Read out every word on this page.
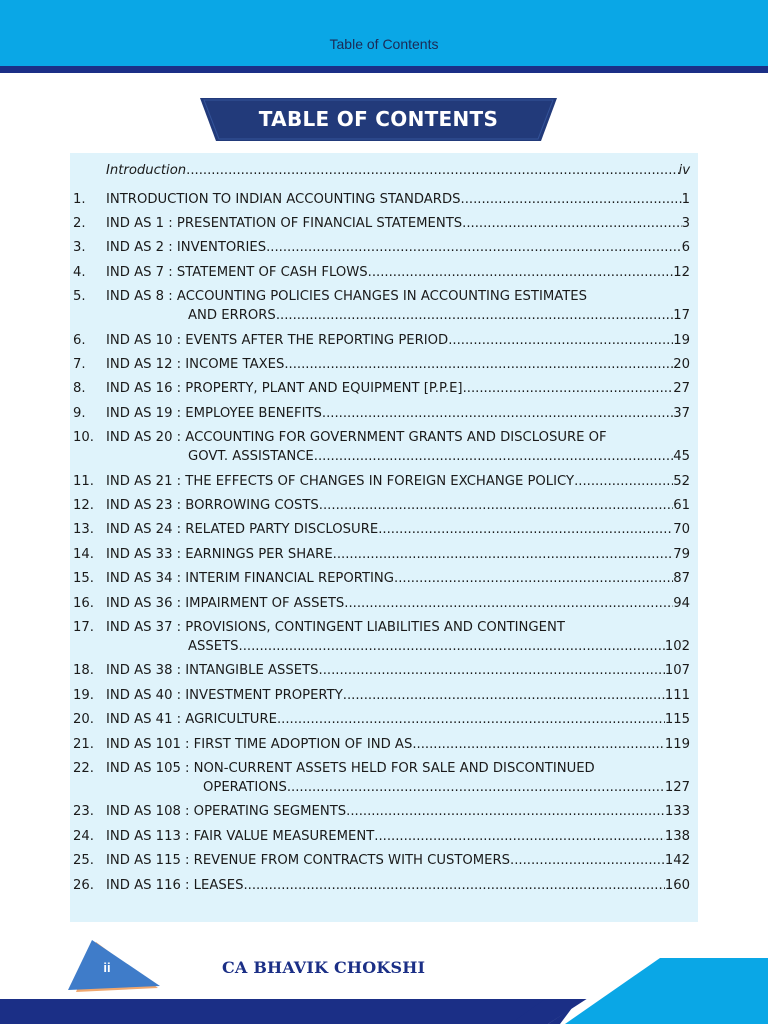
Table of Contents
TABLE OF CONTENTS
Introduction .....	iv
1. INTRODUCTION TO INDIAN ACCOUNTING STANDARDS .....	1
2. IND AS 1 : PRESENTATION OF FINANCIAL STATEMENTS .....	3
3. IND AS 2 : INVENTORIES .....	6
4. IND AS 7 : STATEMENT OF CASH FLOWS .....	12
5. IND AS 8 : ACCOUNTING POLICIES CHANGES IN ACCOUNTING ESTIMATES
AND ERRORS .....	17
6. IND AS 10 : EVENTS AFTER THE REPORTING PERIOD .....	19
7. IND AS 12 : INCOME TAXES .....	20
8. IND AS 16 : PROPERTY, PLANT AND EQUIPMENT [P.P.E] .....	27
9. IND AS 19 : EMPLOYEE BENEFITS .....	37
10. IND AS 20 : ACCOUNTING FOR GOVERNMENT GRANTS AND DISCLOSURE OF
GOVT. ASSISTANCE .....	45
11. IND AS 21 : THE EFFECTS OF CHANGES IN FOREIGN EXCHANGE POLICY .....	52
12. IND AS 23 : BORROWING COSTS .....	61
13. IND AS 24 : RELATED PARTY DISCLOSURE .....	70
14. IND AS 33 : EARNINGS PER SHARE .....	79
15. IND AS 34 : INTERIM FINANCIAL REPORTING .....	87
16. IND AS 36 : IMPAIRMENT OF ASSETS .....	94
17. IND AS 37 : PROVISIONS, CONTINGENT LIABILITIES AND CONTINGENT
ASSETS .....	102
18. IND AS 38 : INTANGIBLE ASSETS .....	107
19. IND AS 40 : INVESTMENT PROPERTY .....	111
20. IND AS 41 : AGRICULTURE .....	115
21. IND AS 101 : FIRST TIME ADOPTION OF IND AS .....	119
22. IND AS 105 : NON-CURRENT ASSETS HELD FOR SALE AND DISCONTINUED
OPERATIONS .....	127
23. IND AS 108 : OPERATING SEGMENTS .....	133
24. IND AS 113 : FAIR VALUE MEASUREMENT .....	138
25. IND AS 115 : REVENUE FROM CONTRACTS WITH CUSTOMERS .....	142
26. IND AS 116 : LEASES .....	160
ii	CA BHAVIK CHOKSHI
